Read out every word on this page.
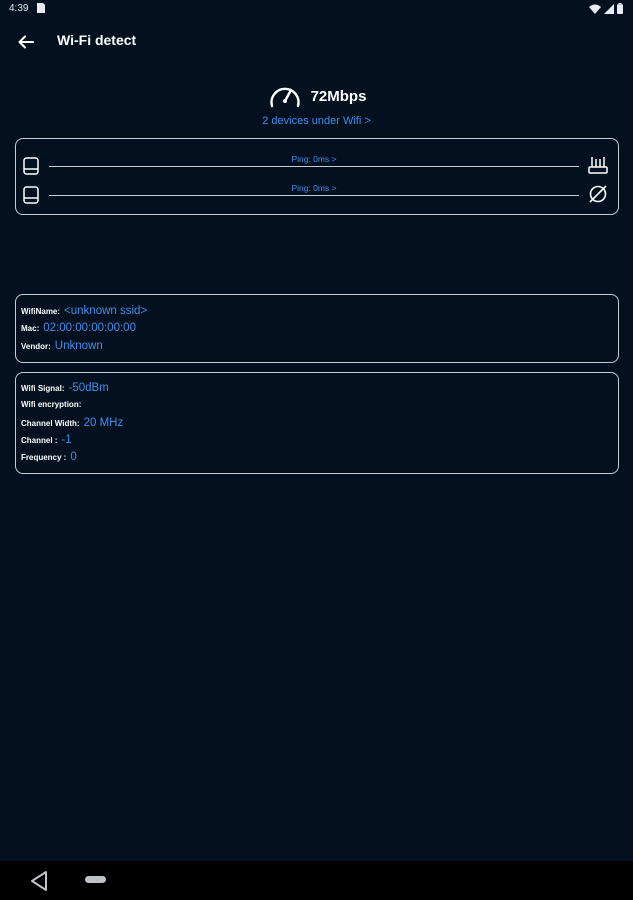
4:39
Wi-Fi detect
72Mbps
2 devices under Wifi >
Ping: 0ms >
Ping: 0ms >
WifiName: <unknown ssid>
Mac: 02:00:00:00:00:00
Vendor: Unknown
Wifi Signal: -50dBm
Wifi encryption:
Channel Width: 20 MHz
Channel : -1
Frequency : 0
